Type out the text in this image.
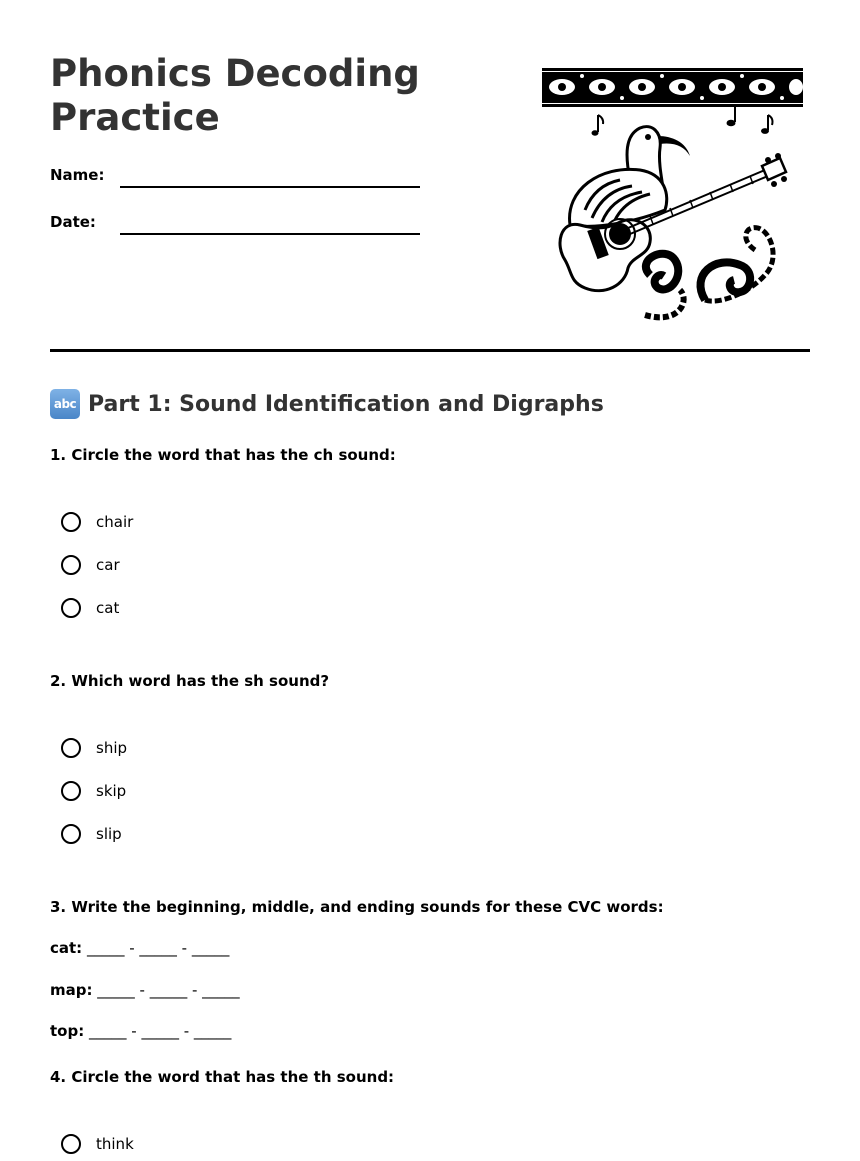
Phonics Decoding
Practice
Name:
Date:
abc Part 1: Sound Identification and Digraphs
1. Circle the word that has the ch sound:
chair
car
cat
2. Which word has the sh sound?
ship
skip
slip
3. Write the beginning, middle, and ending sounds for these CVC words:
cat: _____ - _____ - _____
map: _____ - _____ - _____
top: _____ - _____ - _____
4. Circle the word that has the th sound:
think
